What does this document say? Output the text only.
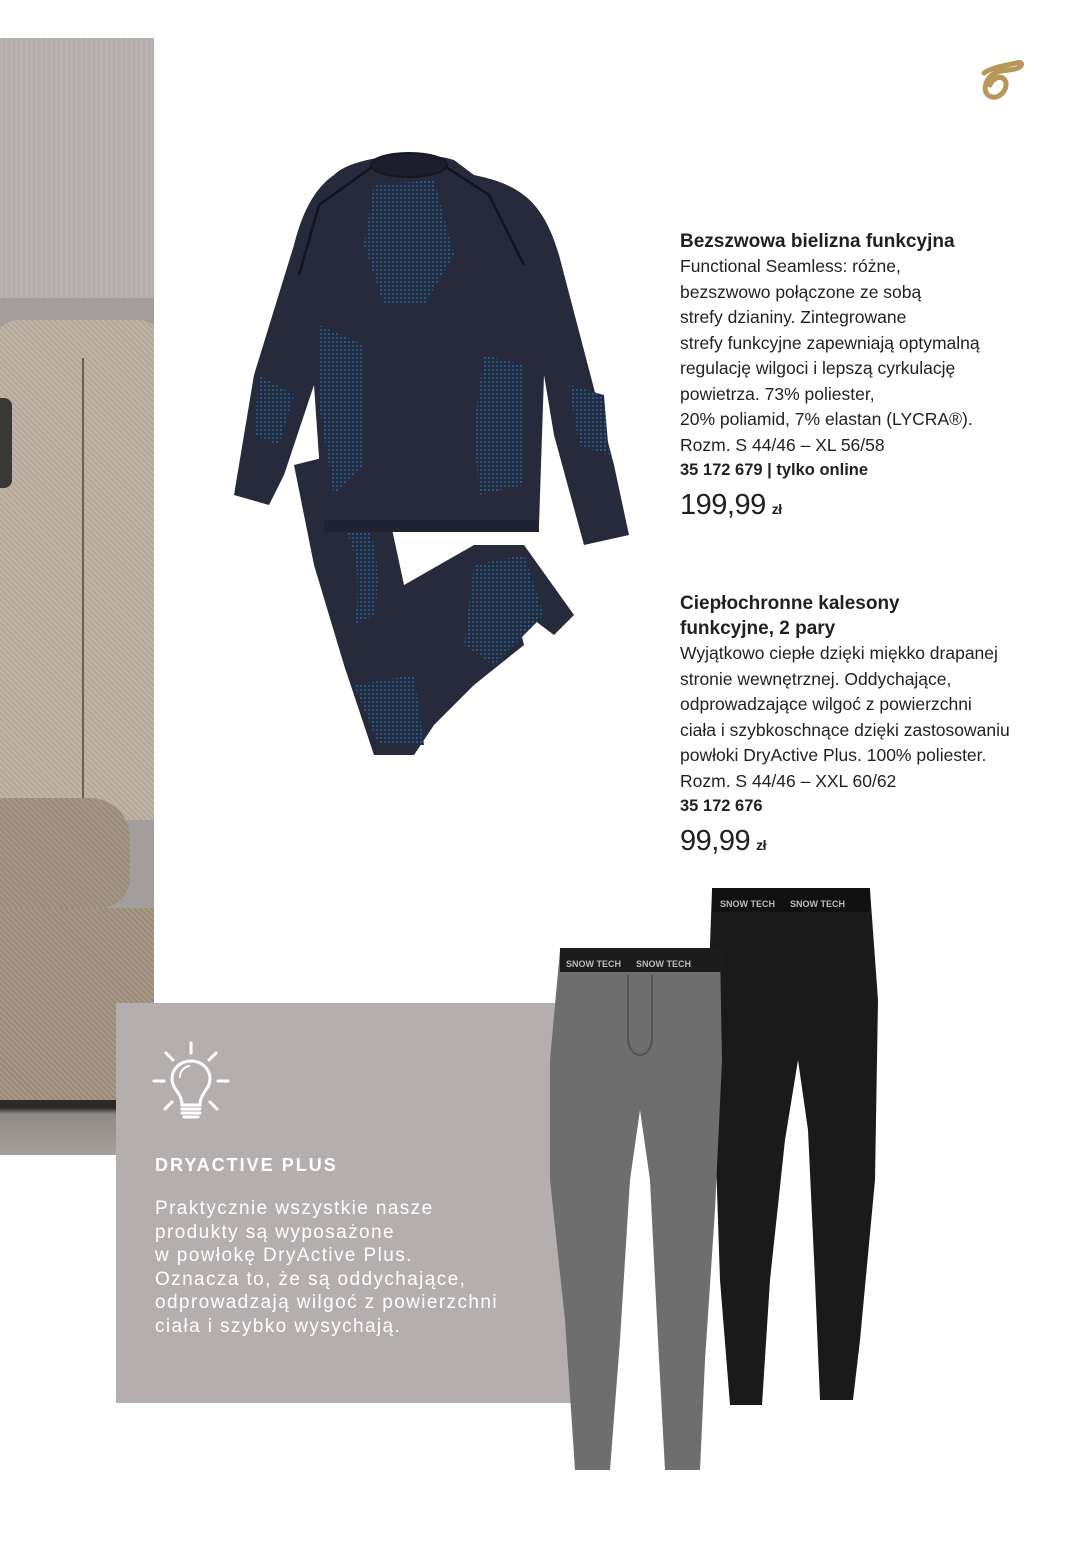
Bezszwowa bielizna funkcyjna

Functional Seamless: różne,
bezszwowo połączone ze sobą
strefy dzianiny. Zintegrowane
strefy funkcyjne zapewniają optymalną
regulację wilgoci i lepszą cyrkulację
powietrza. 73% poliester,
20% poliamid, 7% elastan (LYCRA®).
Rozm. S 44/46 – XL 56/58

35 172 679 | tylko online

199,99 zł

Ciepłochronne kalesony

funkcyjne, 2 pary

Wyjątkowo ciepłe dzięki miękko drapanej
stronie wewnętrznej. Oddychające,
odprowadzające wilgoć z powierzchni
ciała i szybkoschnące dzięki zastosowaniu
powłoki DryActive Plus. 100% poliester.
Rozm. S 44/46 – XXL 60/62

35 172 676

99,99 zł
DRYACTIVE PLUS
Praktycznie wszystkie nasze
produkty są wyposażone
w powłokę DryActive Plus.
Oznacza to, że są oddychające,
odprowadzają wilgoć z powierzchni
ciała i szybko wysychają.
SNOW TECH SNOW TECH
SNOW TECH SNOW TECH
